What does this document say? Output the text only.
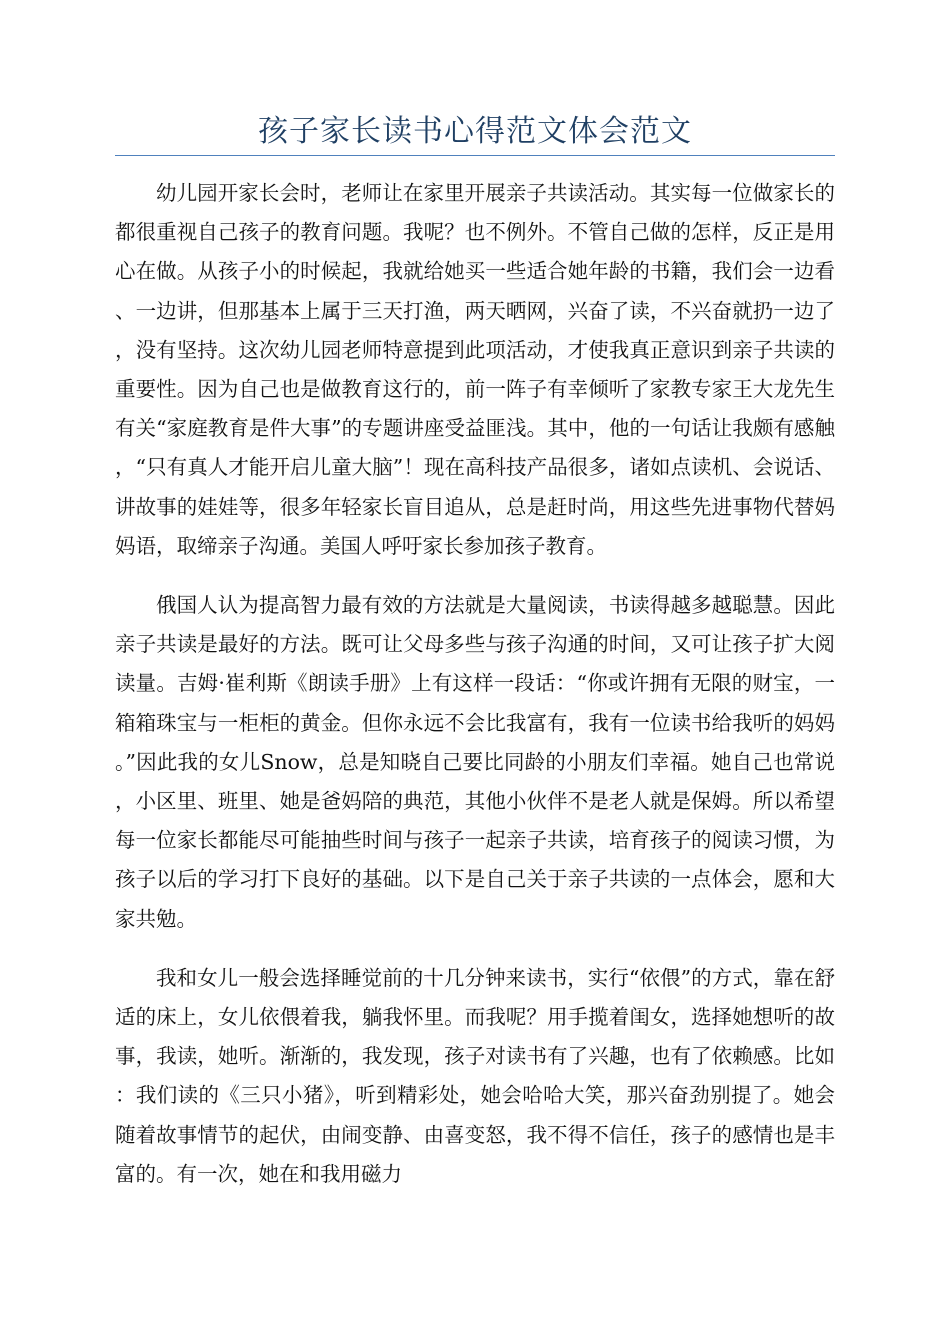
孩子家长读书心得范文体会范文

幼儿园开家长会时，老师让在家里开展亲子共读活动。其实每一位做家长的都很重视自己孩子的教育问题。我呢？也不例外。不管自己做的怎样，反正是用心在做。从孩子小的时候起，我就给她买一些适合她年龄的书籍，我们会一边看、一边讲，但那基本上属于三天打渔，两天晒网，兴奋了读，不兴奋就扔一边了，没有坚持。这次幼儿园老师特意提到此项活动，才使我真正意识到亲子共读的重要性。因为自己也是做教育这行的，前一阵子有幸倾听了家教专家王大龙先生有关“家庭教育是件大事”的专题讲座受益匪浅。其中，他的一句话让我颇有感触，“只有真人才能开启儿童大脑”！现在高科技产品很多，诸如点读机、会说话、讲故事的娃娃等，很多年轻家长盲目追从，总是赶时尚，用这些先进事物代替妈妈语，取缔亲子沟通。美国人呼吁家长参加孩子教育。

俄国人认为提高智力最有效的方法就是大量阅读，书读得越多越聪慧。因此亲子共读是最好的方法。既可让父母多些与孩子沟通的时间，又可让孩子扩大阅读量。吉姆·崔利斯《朗读手册》上有这样一段话：“你或许拥有无限的财宝，一箱箱珠宝与一柜柜的黄金。但你永远不会比我富有，我有一位读书给我听的妈妈。”因此我的女儿Snow，总是知晓自己要比同龄的小朋友们幸福。她自己也常说，小区里、班里、她是爸妈陪的典范，其他小伙伴不是老人就是保姆。所以希望每一位家长都能尽可能抽些时间与孩子一起亲子共读，培育孩子的阅读习惯，为孩子以后的学习打下良好的基础。以下是自己关于亲子共读的一点体会，愿和大家共勉。

我和女儿一般会选择睡觉前的十几分钟来读书，实行“依偎”的方式，靠在舒适的床上，女儿依偎着我，躺我怀里。而我呢？用手揽着闺女，选择她想听的故事，我读，她听。渐渐的，我发现，孩子对读书有了兴趣，也有了依赖感。比如：我们读的《三只小猪》，听到精彩处，她会哈哈大笑，那兴奋劲别提了。她会随着故事情节的起伏，由闹变静、由喜变怒，我不得不信任，孩子的感情也是丰富的。有一次，她在和我用磁力
